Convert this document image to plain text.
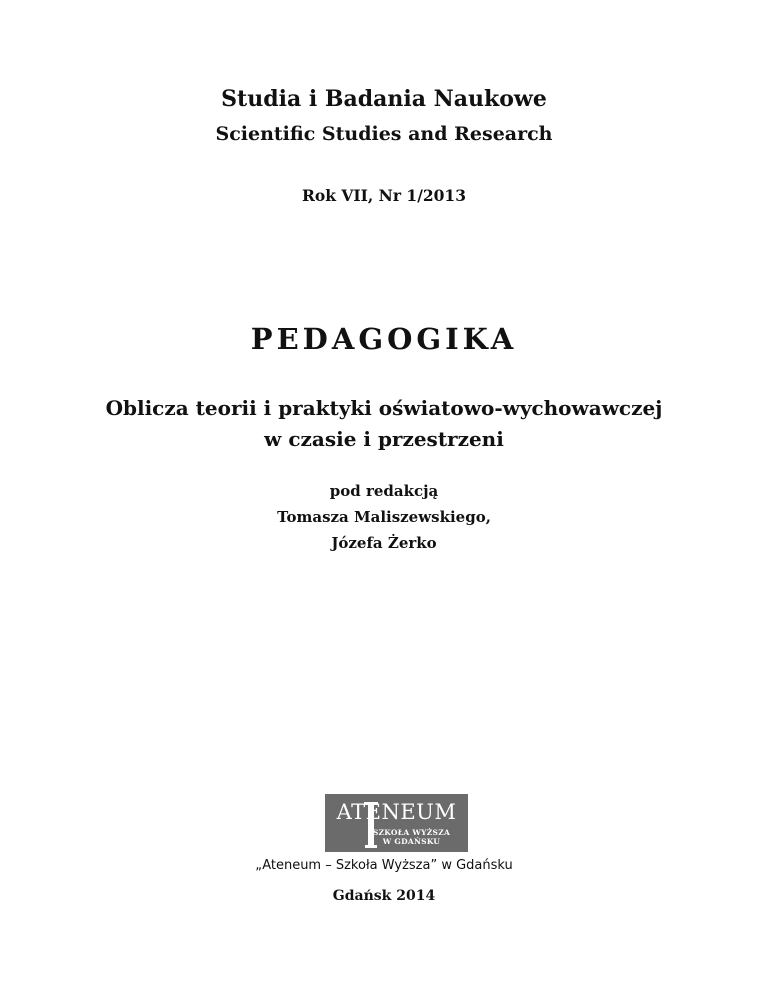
Studia i Badania Naukowe
Scientific Studies and Research
Rok VII, Nr 1/2013
PEDAGOGIKA
Oblicza teorii i praktyki oświatowo-wychowawczej
w czasie i przestrzeni
pod redakcją
Tomasza Maliszewskiego,
Józefa Żerko
ATENEUM
SZKOŁA WYŻSZA
W GDAŃSKU
„Ateneum – Szkoła Wyższa” w Gdańsku
Gdańsk 2014
